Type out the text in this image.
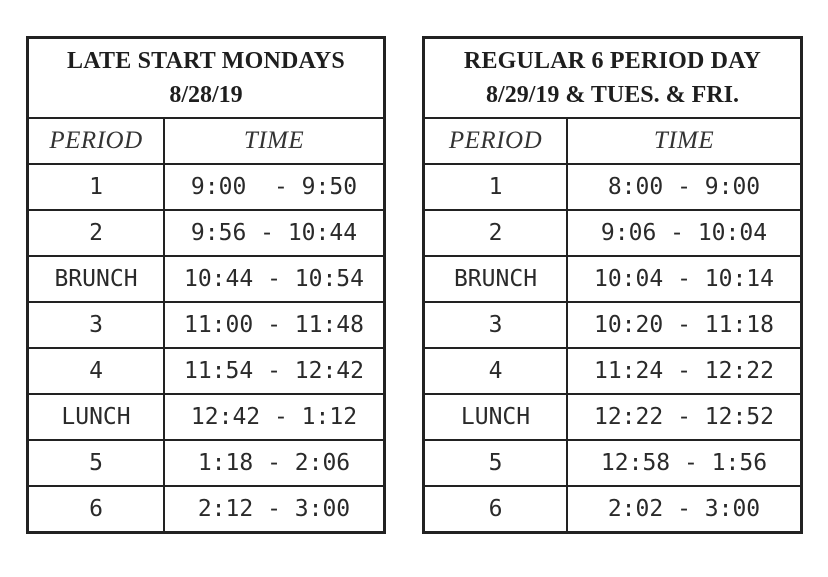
LATE START MONDAYS
8/28/19
PERIOD	TIME
1	9:00  - 9:50
2	9:56 - 10:44
BRUNCH	10:44 - 10:54
3	11:00 - 11:48
4	11:54 - 12:42
LUNCH	12:42 - 1:12
5	1:18 - 2:06
6	2:12 - 3:00
REGULAR 6 PERIOD DAY
8/29/19 & TUES. & FRI.
PERIOD	TIME
1	8:00 - 9:00
2	9:06 - 10:04
BRUNCH	10:04 - 10:14
3	10:20 - 11:18
4	11:24 - 12:22
LUNCH	12:22 - 12:52
5	12:58 - 1:56
6	2:02 - 3:00
